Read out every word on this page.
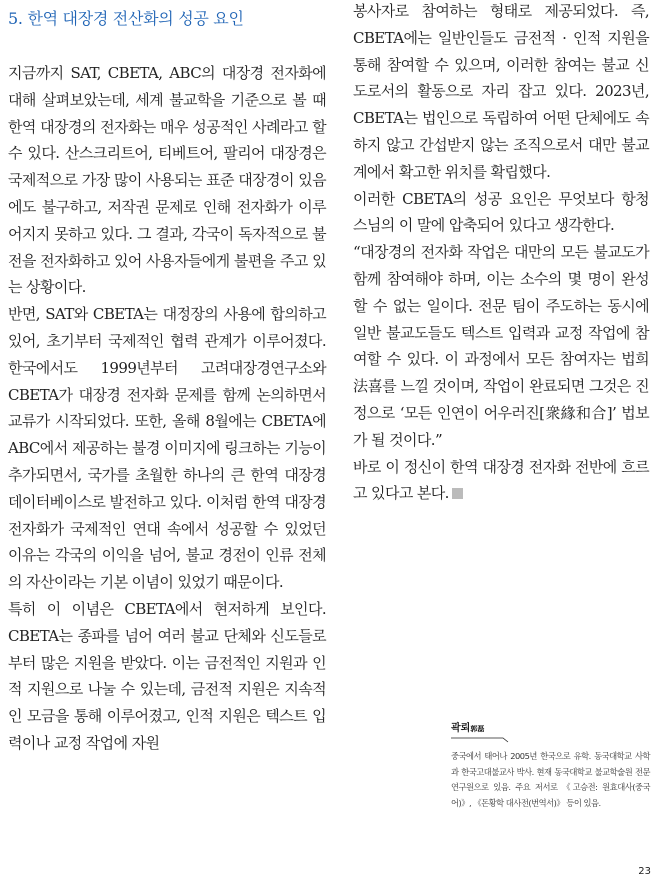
5. 한역 대장경 전산화의 성공 요인

지금까지 SAT, CBETA, ABC의 대장경 전자화에 대해 살펴보았는데, 세계 불교학을 기준으로 볼 때 한역 대장경의 전자화는 매우 성공적인 사례라고 할 수 있다. 산스크리트어, 티베트어, 팔리어 대장경은 국제적으로 가장 많이 사용되는 표준 대장경이 있음에도 불구하고, 저작권 문제로 인해 전자화가 이루어지지 못하고 있다. 그 결과, 각국이 독자적으로 불전을 전자화하고 있어 사용자들에게 불편을 주고 있는 상황이다.

반면, SAT와 CBETA는 대정장의 사용에 합의하고 있어, 초기부터 국제적인 협력 관계가 이루어졌다. 한국에서도 1999년부터 고려대장경연구소와 CBETA가 대장경 전자화 문제를 함께 논의하면서 교류가 시작되었다. 또한, 올해 8월에는 CBETA에 ABC에서 제공하는 불경 이미지에 링크하는 기능이 추가되면서, 국가를 초월한 하나의 큰 한역 대장경 데이터베이스로 발전하고 있다. 이처럼 한역 대장경 전자화가 국제적인 연대 속에서 성공할 수 있었던 이유는 각국의 이익을 넘어, 불교 경전이 인류 전체의 자산이라는 기본 이념이 있었기 때문이다.

특히 이 이념은 CBETA에서 현저하게 보인다. CBETA는 종파를 넘어 여러 불교 단체와 신도들로부터 많은 지원을 받았다. 이는 금전적인 지원과 인적 지원으로 나눌 수 있는데, 금전적 지원은 지속적인 모금을 통해 이루어졌고, 인적 지원은 텍스트 입력이나 교정 작업에 자원

봉사자로 참여하는 형태로 제공되었다. 즉, CBETA에는 일반인들도 금전적 · 인적 지원을 통해 참여할 수 있으며, 이러한 참여는 불교 신도로서의 활동으로 자리 잡고 있다. 2023년, CBETA는 법인으로 독립하여 어떤 단체에도 속하지 않고 간섭받지 않는 조직으로서 대만 불교계에서 확고한 위치를 확립했다.

이러한 CBETA의 성공 요인은 무엇보다 항청 스님의 이 말에 압축되어 있다고 생각한다.

“대장경의 전자화 작업은 대만의 모든 불교도가 함께 참여해야 하며, 이는 소수의 몇 명이 완성할 수 없는 일이다. 전문 팀이 주도하는 동시에 일반 불교도들도 텍스트 입력과 교정 작업에 참여할 수 있다. 이 과정에서 모든 참여자는 법희法喜를 느낄 것이며, 작업이 완료되면 그것은 진정으로 ‘모든 인연이 어우러진[衆緣和合]’ 법보가 될 것이다.”

바로 이 정신이 한역 대장경 전자화 전반에 흐르고 있다고 본다.

곽뢰郭磊

중국에서 태어나 2005년 한국으로 유학. 동국대학교 사학과 한국고대불교사 박사. 현재 동국대학교 불교학술원 전문연구원으로 있음. 주요 저서로 《고승전: 원효대사(중국어)》, 《돈황학 대사전(번역서)》 등이 있음.

23
